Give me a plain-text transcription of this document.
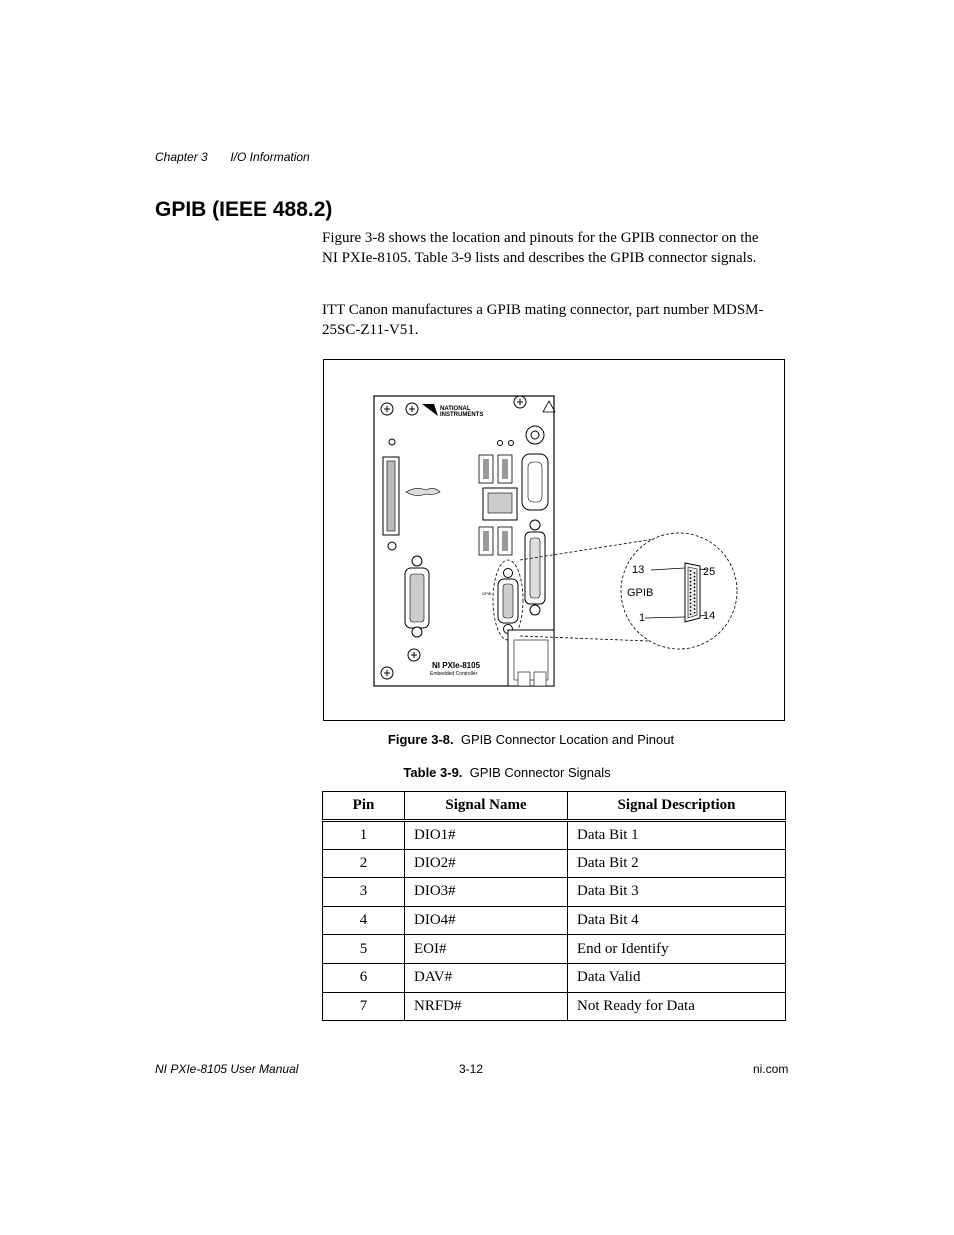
Chapter 3 I/O Information
GPIB (IEEE 488.2)

Figure 3-8 shows the location and pinouts for the GPIB connector on the NI PXIe-8105. Table 3-9 lists and describes the GPIB connector signals.

ITT Canon manufactures a GPIB mating connector, part number MDSM-25SC-Z11-V51.

NATIONAL INSTRUMENTS
GPIB
NI PXIe-8105
Embedded Controller
13	25
GPIB
1	14
Figure 3-8. GPIB Connector Location and Pinout
Table 3-9. GPIB Connector Signals
Pin	Signal Name	Signal Description
1	DIO1#	Data Bit 1
2	DIO2#	Data Bit 2
3	DIO3#	Data Bit 3
4	DIO4#	Data Bit 4
5	EOI#	End or Identify
6	DAV#	Data Valid
7	NRFD#	Not Ready for Data
NI PXIe-8105 User Manual	3-12	ni.com
